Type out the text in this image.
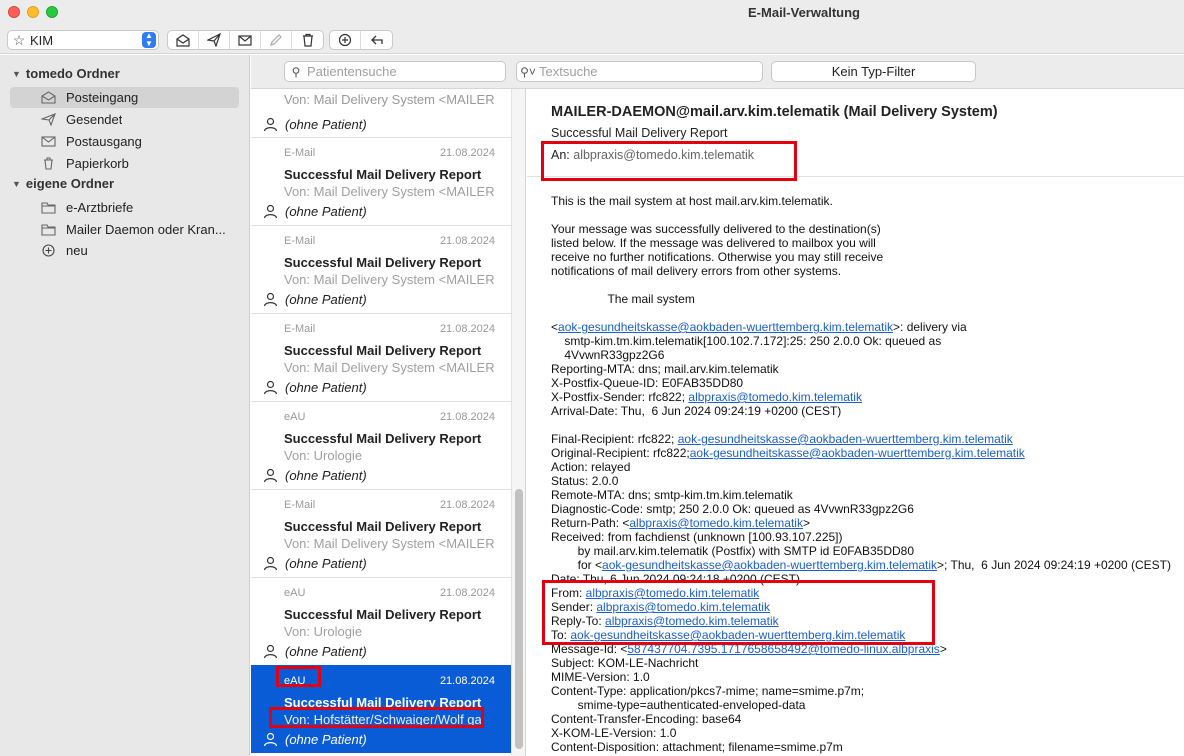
E-Mail-Verwaltung
☆ KIM	▲
▼
▼ tomedo Ordner
Posteingang
Gesendet
Postausgang
Papierkorb
▼ eigene Ordner
e-Arztbriefe
Mailer Daemon oder Kran...
neu
⚲
Patientensuche	⚲˅
Textsuche	Kein Typ-Filter
Von: Mail Delivery System <MAILER
(ohne Patient)
E-Mail	21.08.2024
Successful Mail Delivery Report
Von: Mail Delivery System <MAILER
(ohne Patient)
E-Mail	21.08.2024
Successful Mail Delivery Report
Von: Mail Delivery System <MAILER
(ohne Patient)
E-Mail	21.08.2024
Successful Mail Delivery Report
Von: Mail Delivery System <MAILER
(ohne Patient)
eAU	21.08.2024
Successful Mail Delivery Report
Von: Urologie
(ohne Patient)
E-Mail	21.08.2024
Successful Mail Delivery Report
Von: Mail Delivery System <MAILER
(ohne Patient)
eAU	21.08.2024
Successful Mail Delivery Report
Von: Urologie
(ohne Patient)
eAU	21.08.2024
Successful Mail Delivery Report
Von: Hofstätter/Schwaiger/Wolf ga
(ohne Patient)
MAILER-DAEMON@mail.arv.kim.telematik (Mail Delivery System)
Successful Mail Delivery Report
An: albpraxis@tomedo.kim.telematik
This is the mail system at host mail.arv.kim.telematik.
Your message was successfully delivered to the destination(s)
listed below. If the message was delivered to mailbox you will
receive no further notifications. Otherwise you may still receive
notifications of mail delivery errors from other systems.
The mail system
<aok-gesundheitskasse@aokbaden-wuerttemberg.kim.telematik>: delivery via
smtp-kim.tm.kim.telematik[100.102.7.172]:25: 250 2.0.0 Ok: queued as
4VvwnR33gpz2G6
Reporting-MTA: dns; mail.arv.kim.telematik
X-Postfix-Queue-ID: E0FAB35DD80
X-Postfix-Sender: rfc822; albpraxis@tomedo.kim.telematik
Arrival-Date: Thu,  6 Jun 2024 09:24:19 +0200 (CEST)
Final-Recipient: rfc822; aok-gesundheitskasse@aokbaden-wuerttemberg.kim.telematik
Original-Recipient: rfc822;aok-gesundheitskasse@aokbaden-wuerttemberg.kim.telematik
Action: relayed
Status: 2.0.0
Remote-MTA: dns; smtp-kim.tm.kim.telematik
Diagnostic-Code: smtp; 250 2.0.0 Ok: queued as 4VvwnR33gpz2G6
Return-Path: <albpraxis@tomedo.kim.telematik>
Received: from fachdienst (unknown [100.93.107.225])
by mail.arv.kim.telematik (Postfix) with SMTP id E0FAB35DD80
for <aok-gesundheitskasse@aokbaden-wuerttemberg.kim.telematik>; Thu,  6 Jun 2024 09:24:19 +0200 (CEST)
Date: Thu, 6 Jun 2024 09:24:18 +0200 (CEST)
From: albpraxis@tomedo.kim.telematik
Sender: albpraxis@tomedo.kim.telematik
Reply-To: albpraxis@tomedo.kim.telematik
To: aok-gesundheitskasse@aokbaden-wuerttemberg.kim.telematik
Message-Id: <587437704.7395.1717658658492@tomedo-linux.albpraxis>
Subject: KOM-LE-Nachricht
MIME-Version: 1.0
Content-Type: application/pkcs7-mime; name=smime.p7m;
smime-type=authenticated-enveloped-data
Content-Transfer-Encoding: base64
X-KOM-LE-Version: 1.0
Content-Disposition: attachment; filename=smime.p7m
